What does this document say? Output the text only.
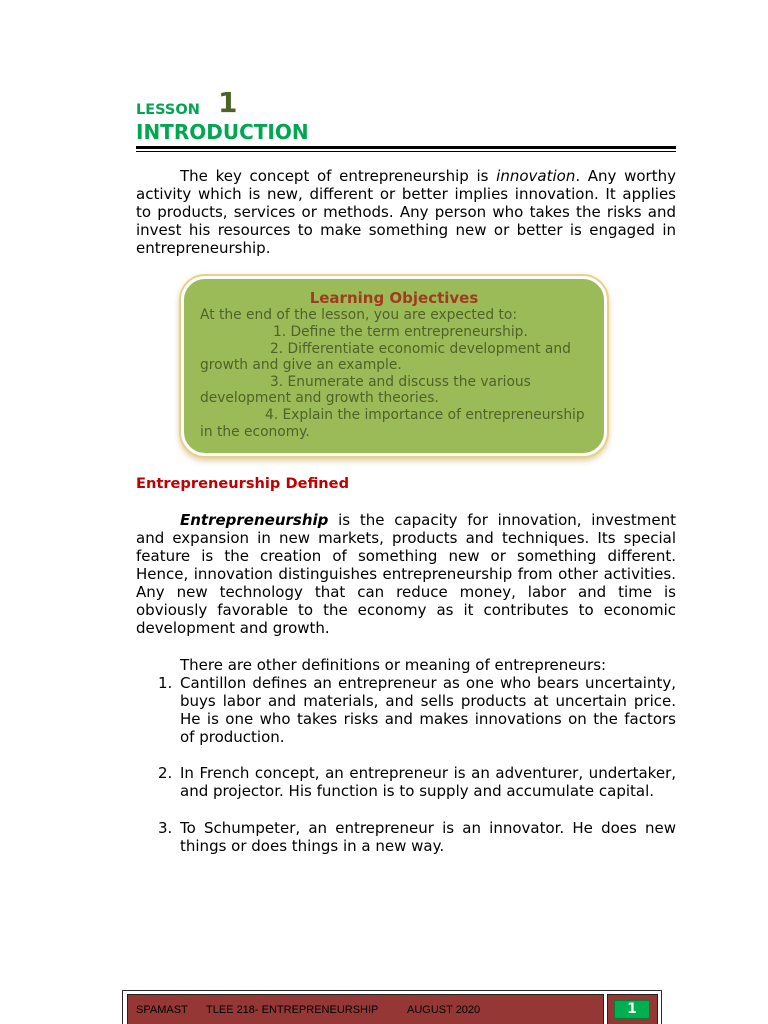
LESSON 1
INTRODUCTION
The key concept of entrepreneurship is innovation. Any worthy
activity which is new, different or better implies innovation. It applies
to products, services or methods. Any person who takes the risks and
invest his resources to make something new or better is engaged in
entrepreneurship.
Learning Objectives
At the end of the lesson, you are expected to:
1. Define the term entrepreneurship.
2. Differentiate economic development and
growth and give an example.
3. Enumerate and discuss the various
development and growth theories.
4. Explain the importance of entrepreneurship
in the economy.
Entrepreneurship Defined
Entrepreneurship is the capacity for innovation, investment
and expansion in new markets, products and techniques. Its special
feature is the creation of something new or something different.
Hence, innovation distinguishes entrepreneurship from other activities.
Any new technology that can reduce money, labor and time is
obviously favorable to the economy as it contributes to economic
development and growth.
There are other definitions or meaning of entrepreneurs:
1. Cantillon defines an entrepreneur as one who bears uncertainty,
buys labor and materials, and sells products at uncertain price.
He is one who takes risks and makes innovations on the factors
of production.
2. In French concept, an entrepreneur is an adventurer, undertaker,
and projector. His function is to supply and accumulate capital.
3. To Schumpeter, an entrepreneur is an innovator. He does new
things or does things in a new way.
SPAMAST TLEE 218- ENTREPRENEURSHIP	AUGUST 2020	1
